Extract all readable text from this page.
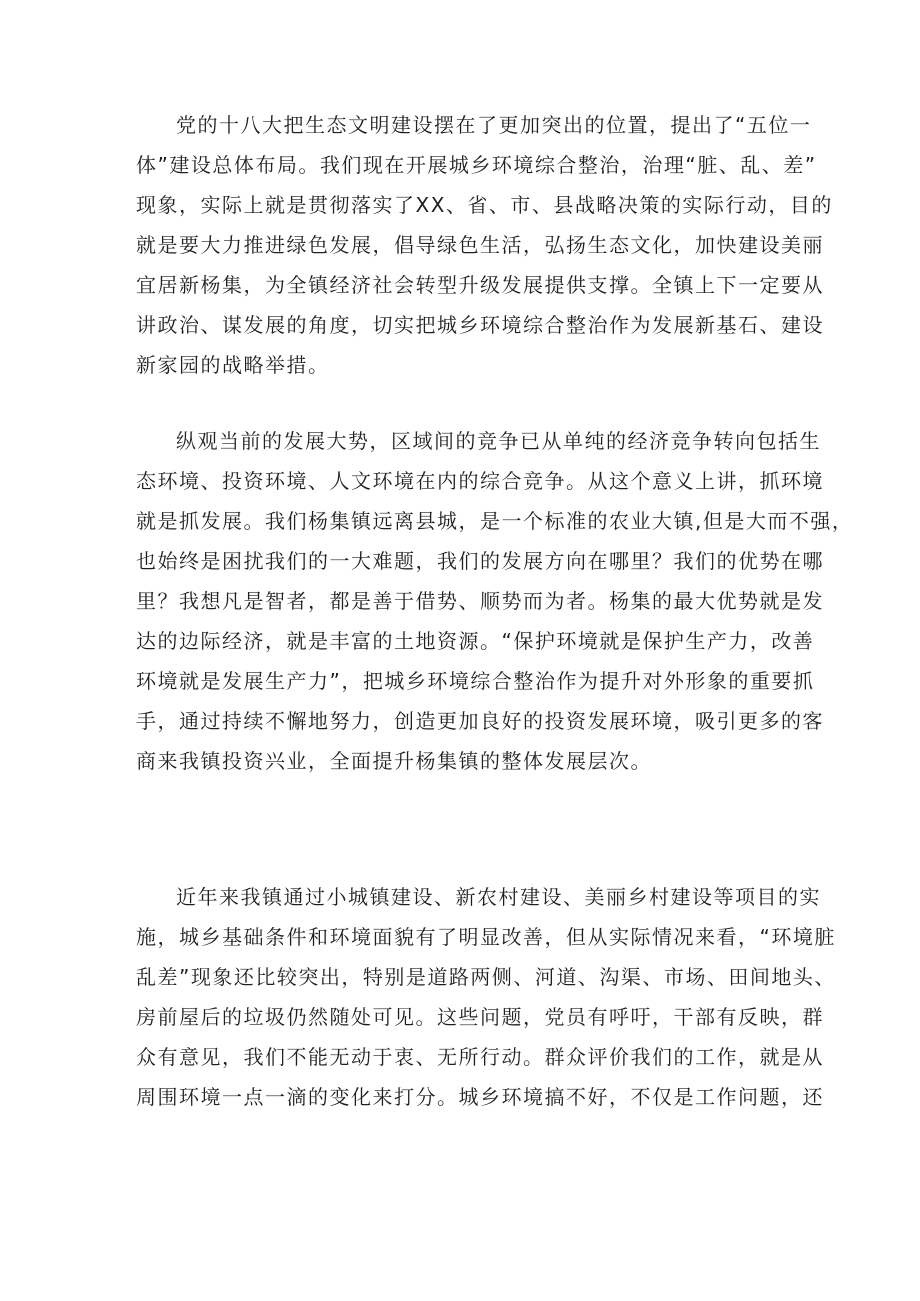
党的十八大把生态文明建设摆在了更加突出的位置，提出了“五位一
体”建设总体布局。我们现在开展城乡环境综合整治，治理“脏、乱、差”
现象，实际上就是贯彻落实了XX、省、市、县战略决策的实际行动，目的
就是要大力推进绿色发展，倡导绿色生活，弘扬生态文化，加快建设美丽
宜居新杨集，为全镇经济社会转型升级发展提供支撑。全镇上下一定要从
讲政治、谋发展的角度，切实把城乡环境综合整治作为发展新基石、建设
新家园的战略举措。
纵观当前的发展大势，区域间的竞争已从单纯的经济竞争转向包括生
态环境、投资环境、人文环境在内的综合竞争。从这个意义上讲，抓环境
就是抓发展。我们杨集镇远离县城，是一个标准的农业大镇,但是大而不强，
也始终是困扰我们的一大难题，我们的发展方向在哪里？我们的优势在哪
里？我想凡是智者，都是善于借势、顺势而为者。杨集的最大优势就是发
达的边际经济，就是丰富的土地资源。“保护环境就是保护生产力，改善
环境就是发展生产力”，把城乡环境综合整治作为提升对外形象的重要抓
手，通过持续不懈地努力，创造更加良好的投资发展环境，吸引更多的客
商来我镇投资兴业，全面提升杨集镇的整体发展层次。
近年来我镇通过小城镇建设、新农村建设、美丽乡村建设等项目的实
施，城乡基础条件和环境面貌有了明显改善，但从实际情况来看，“环境脏
乱差”现象还比较突出，特别是道路两侧、河道、沟渠、市场、田间地头、
房前屋后的垃圾仍然随处可见。这些问题，党员有呼吁，干部有反映，群
众有意见，我们不能无动于衷、无所行动。群众评价我们的工作，就是从
周围环境一点一滴的变化来打分。城乡环境搞不好，不仅是工作问题，还
